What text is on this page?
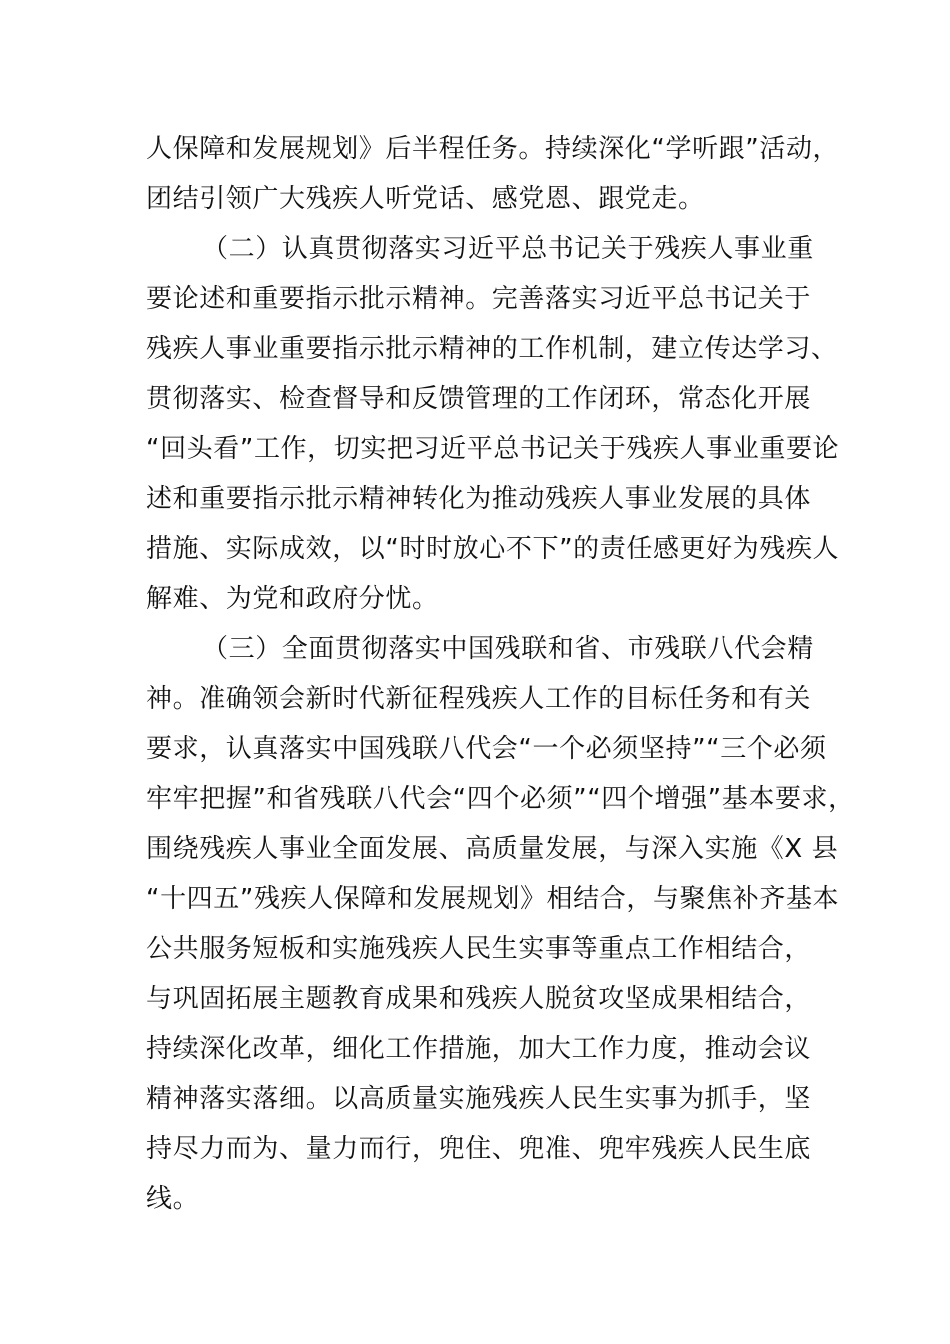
人保障和发展规划》后半程任务。持续深化“学听跟”活动，
团结引领广大残疾人听党话、感党恩、跟党走。
（二）认真贯彻落实习近平总书记关于残疾人事业重
要论述和重要指示批示精神。完善落实习近平总书记关于
残疾人事业重要指示批示精神的工作机制，建立传达学习、
贯彻落实、检查督导和反馈管理的工作闭环，常态化开展
“回头看”工作，切实把习近平总书记关于残疾人事业重要论
述和重要指示批示精神转化为推动残疾人事业发展的具体
措施、实际成效，以“时时放心不下”的责任感更好为残疾人
解难、为党和政府分忧。
（三）全面贯彻落实中国残联和省、市残联八代会精
神。准确领会新时代新征程残疾人工作的目标任务和有关
要求，认真落实中国残联八代会“一个必须坚持”“三个必须
牢牢把握”和省残联八代会“四个必须”“四个增强”基本要求，
围绕残疾人事业全面发展、高质量发展，与深入实施《X 县
“十四五”残疾人保障和发展规划》相结合，与聚焦补齐基本
公共服务短板和实施残疾人民生实事等重点工作相结合，
与巩固拓展主题教育成果和残疾人脱贫攻坚成果相结合，
持续深化改革，细化工作措施，加大工作力度，推动会议
精神落实落细。以高质量实施残疾人民生实事为抓手，坚
持尽力而为、量力而行，兜住、兜准、兜牢残疾人民生底
线。
